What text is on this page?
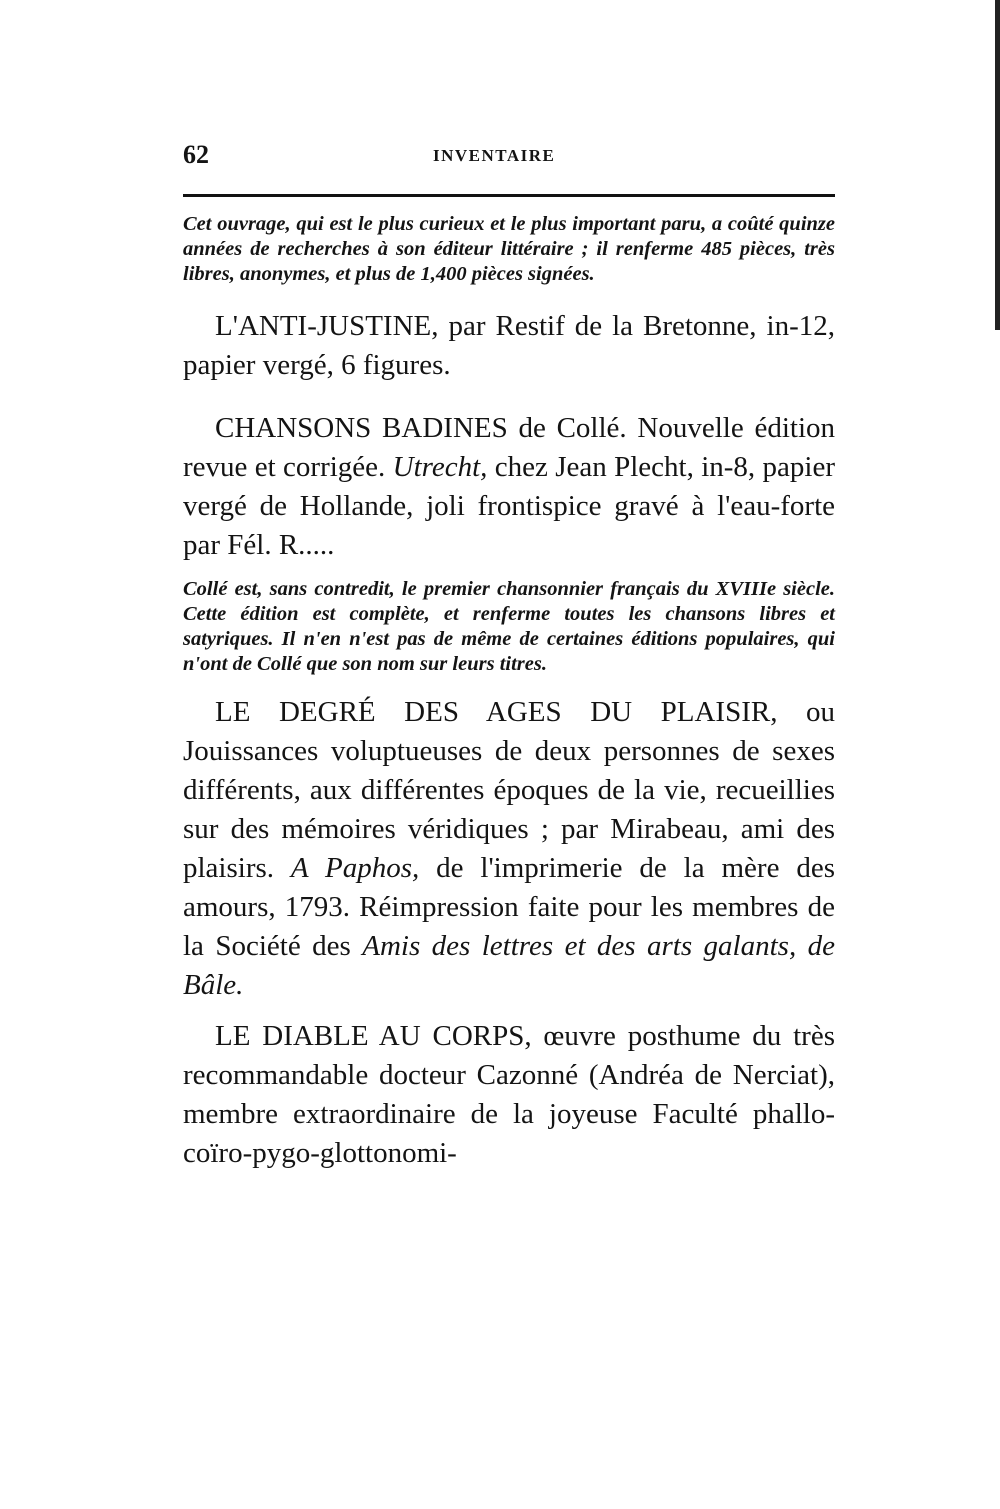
62	INVENTAIRE

Cet ouvrage, qui est le plus curieux et le plus important paru, a coûté quinze années de recherches à son éditeur littéraire ; il renferme 485 pièces, très libres, anonymes, et plus de 1,400 pièces signées.

L'ANTI-JUSTINE, par Restif de la Bretonne, in-12, papier vergé, 6 figures.

CHANSONS BADINES de Collé. Nouvelle édition revue et corrigée. Utrecht, chez Jean Plecht, in-8, papier vergé de Hollande, joli frontispice gravé à l'eau-forte par Fél. R.....

Collé est, sans contredit, le premier chansonnier français du XVIIIe siècle. Cette édition est complète, et renferme toutes les chansons libres et satyriques. Il n'en n'est pas de même de certaines éditions populaires, qui n'ont de Collé que son nom sur leurs titres.

LE DEGRÉ DES AGES DU PLAISIR, ou Jouissances voluptueuses de deux personnes de sexes différents, aux différentes époques de la vie, recueillies sur des mémoires véridiques ; par Mirabeau, ami des plaisirs. A Paphos, de l'imprimerie de la mère des amours, 1793. Réimpression faite pour les membres de la Société des Amis des lettres et des arts galants, de Bâle.

LE DIABLE AU CORPS, œuvre posthume du très recommandable docteur Cazonné (Andréa de Nerciat), membre extraordinaire de la joyeuse Faculté phallo-coïro-pygo-glottonomi-
